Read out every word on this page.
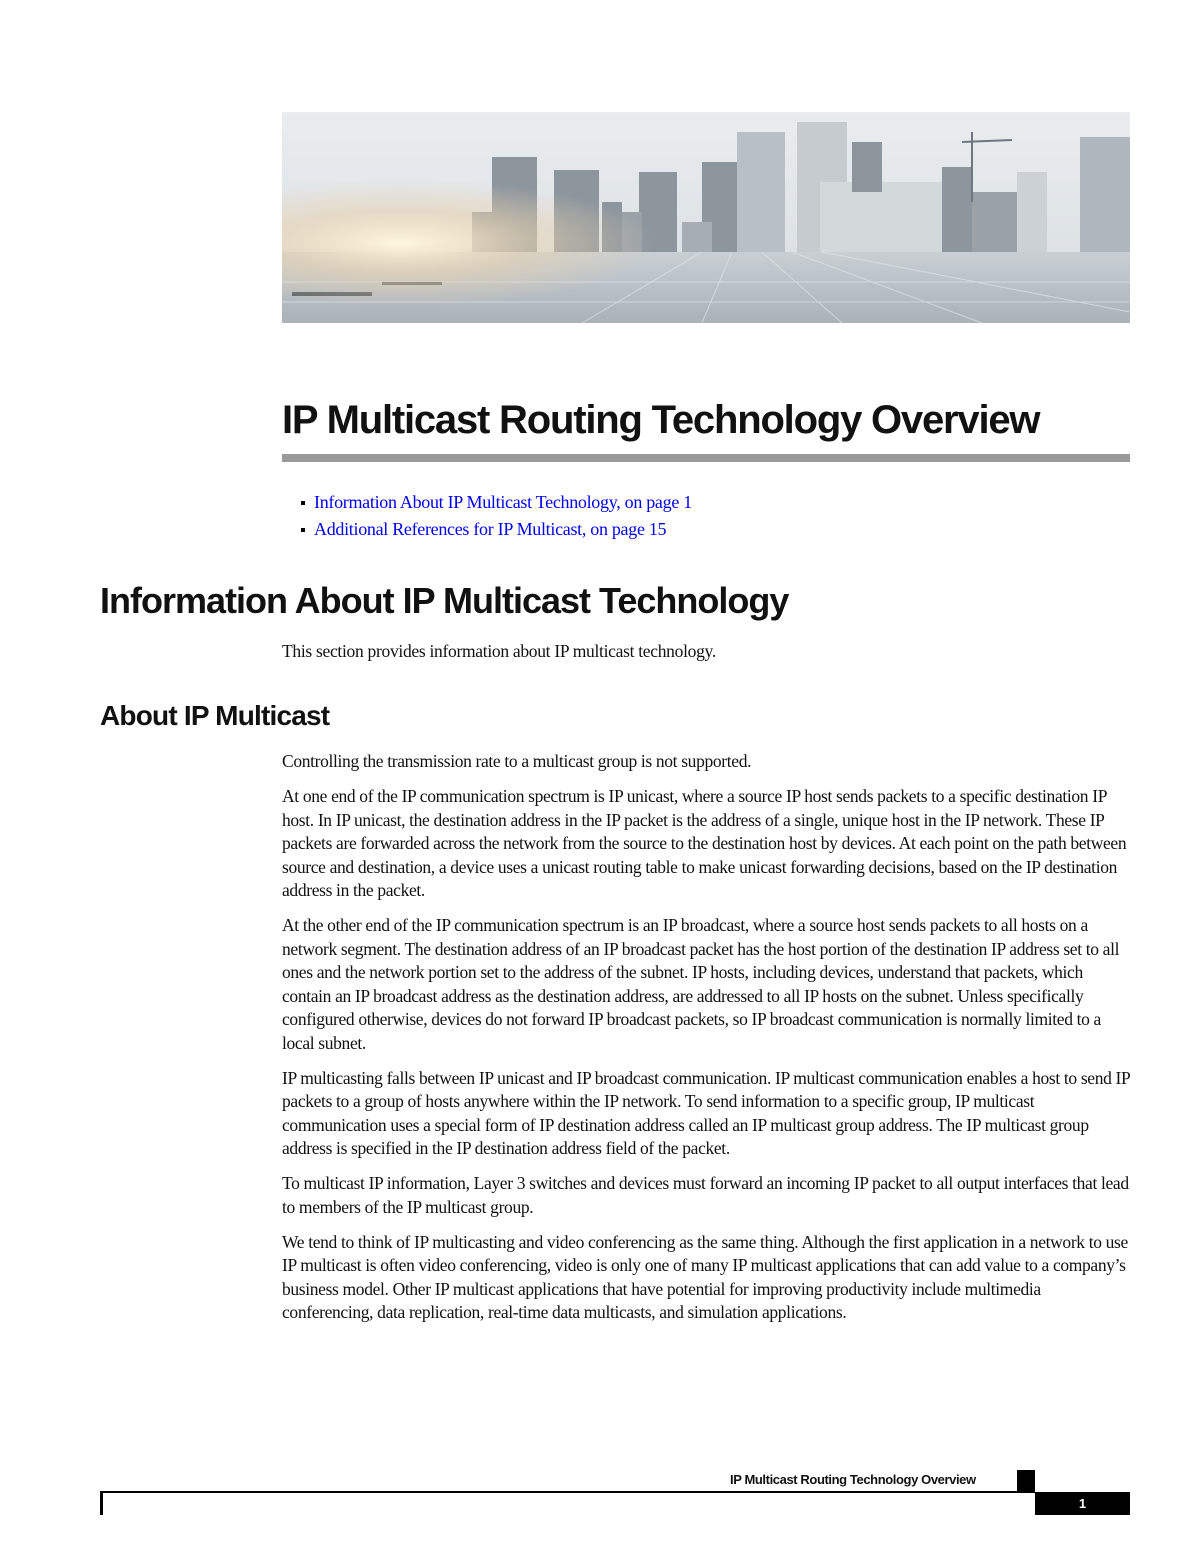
IP Multicast Routing Technology Overview
Information About IP Multicast Technology, on page 1
Additional References for IP Multicast, on page 15
Information About IP Multicast Technology

This section provides information about IP multicast technology.

About IP Multicast

Controlling the transmission rate to a multicast group is not supported.

At one end of the IP communication spectrum is IP unicast, where a source IP host sends packets to a specific destination IP host. In IP unicast, the destination address in the IP packet is the address of a single, unique host in the IP network. These IP packets are forwarded across the network from the source to the destination host by devices. At each point on the path between source and destination, a device uses a unicast routing table to make unicast forwarding decisions, based on the IP destination address in the packet.

At the other end of the IP communication spectrum is an IP broadcast, where a source host sends packets to all hosts on a network segment. The destination address of an IP broadcast packet has the host portion of the destination IP address set to all ones and the network portion set to the address of the subnet. IP hosts, including devices, understand that packets, which contain an IP broadcast address as the destination address, are addressed to all IP hosts on the subnet. Unless specifically configured otherwise, devices do not forward IP broadcast packets, so IP broadcast communication is normally limited to a local subnet.

IP multicasting falls between IP unicast and IP broadcast communication. IP multicast communication enables a host to send IP packets to a group of hosts anywhere within the IP network. To send information to a specific group, IP multicast communication uses a special form of IP destination address called an IP multicast group address. The IP multicast group address is specified in the IP destination address field of the packet.

To multicast IP information, Layer 3 switches and devices must forward an incoming IP packet to all output interfaces that lead to members of the IP multicast group.

We tend to think of IP multicasting and video conferencing as the same thing. Although the first application in a network to use IP multicast is often video conferencing, video is only one of many IP multicast applications that can add value to a company’s business model. Other IP multicast applications that have potential for improving productivity include multimedia conferencing, data replication, real-time data multicasts, and simulation applications.

IP Multicast Routing Technology Overview
1
